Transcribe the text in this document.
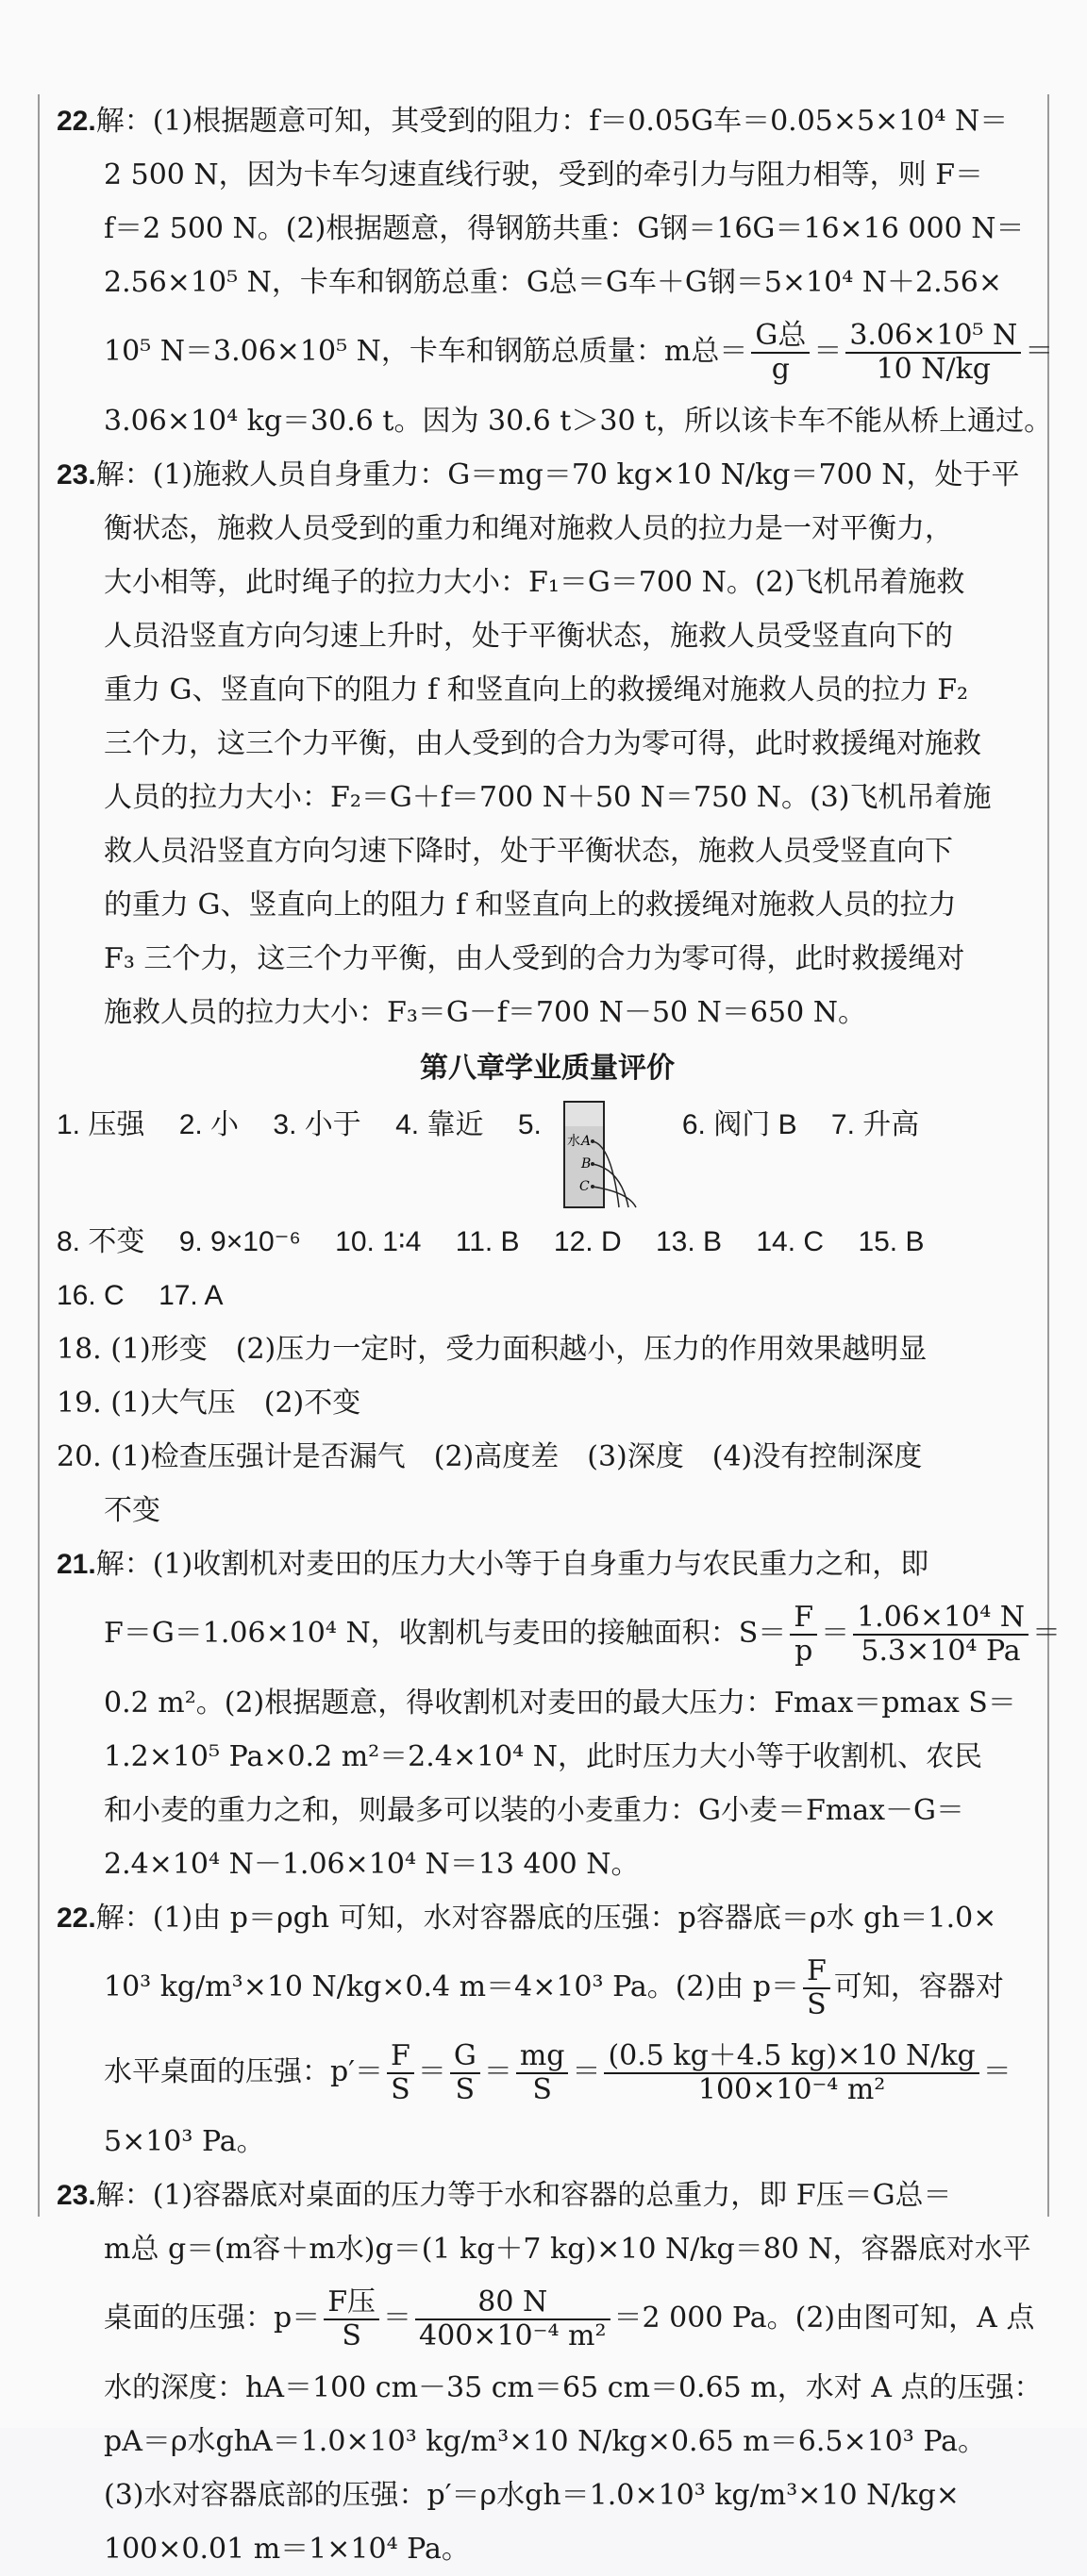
22.解：(1)根据题意可知，其受到的阻力：f＝0.05G车＝0.05×5×10⁴ N＝
2 500 N，因为卡车匀速直线行驶，受到的牵引力与阻力相等，则 F＝
f＝2 500 N。(2)根据题意，得钢筋共重：G钢＝16G＝16×16 000 N＝
2.56×10⁵ N，卡车和钢筋总重：G总＝G车＋G钢＝5×10⁴ N＋2.56×
10⁵ N＝3.06×10⁵ N，卡车和钢筋总质量：m总＝ $\frac{\text{G总}}{g} = \frac{\text{3.06×10⁵ N}}{10 N/kg}$ ＝
3.06×10⁴ kg＝30.6 t。因为 30.6 t＞30 t，所以该卡车不能从桥上通过。
23.解：(1)施救人员自身重力：G＝mg＝70 kg×10 N/kg＝700 N，处于平
衡状态，施救人员受到的重力和绳对施救人员的拉力是一对平衡力，
大小相等，此时绳子的拉力大小：F₁＝G＝700 N。(2)飞机吊着施救
人员沿竖直方向匀速上升时，处于平衡状态，施救人员受竖直向下的
重力 G、竖直向下的阻力 f 和竖直向上的救援绳对施救人员的拉力 F₂
三个力，这三个力平衡，由人受到的合力为零可得，此时救援绳对施救
人员的拉力大小：F₂＝G＋f＝700 N＋50 N＝750 N。(3)飞机吊着施
救人员沿竖直方向匀速下降时，处于平衡状态，施救人员受竖直向下
的重力 G、竖直向上的阻力 f 和竖直向上的救援绳对施救人员的拉力
F₃ 三个力，这三个力平衡，由人受到的合力为零可得，此时救援绳对
施救人员的拉力大小：F₃＝G－f＝700 N－50 N＝650 N。
第八章学业质量评价
1. 压强 2. 小 3. 小于 4. 靠近 5.
水 A
B
C
6. 阀门 B 7. 升高
8. 不变 9. 9×10⁻⁶ 10. 1∶4 11. B 12. D 13. B 14. C 15. B
16. C 17. A
18. (1)形变　(2)压力一定时，受力面积越小，压力的作用效果越明显
19. (1)大气压　(2)不变
20. (1)检查压强计是否漏气　(2)高度差　(3)深度　(4)没有控制深度
不变
21.解：(1)收割机对麦田的压力大小等于自身重力与农民重力之和，即
F＝G＝1.06×10⁴ N，收割机与麦田的接触面积：$S= \frac{F}{p} = \frac{\text{1.06×10⁴ N}}{\text{5.3×10⁴ Pa}}$ ＝
0.2 m²。(2)根据题意，得收割机对麦田的最大压力：Fmax＝pmax S＝
1.2×10⁵ Pa×0.2 m²＝2.4×10⁴ N，此时压力大小等于收割机、农民
和小麦的重力之和，则最多可以装的小麦重力：G小麦＝Fmax－G＝
2.4×10⁴ N－1.06×10⁴ N＝13 400 N。
22.解：(1)由 p＝ρgh 可知，水对容器底的压强：p容器底＝ρ水 gh＝1.0×
10³ kg/m³×10 N/kg×0.4 m＝4×10³ Pa。(2)由 $p= \frac{F}{S}$ 可知，容器对
水平桌面的压强：$p'= \frac{F}{S} = \frac{G}{S} = \frac{mg}{S} = \frac{(0.5 kg+4.5 kg)\times 10 N/kg}{\text{100×10⁻⁴ m²}}$ ＝
5×10³ Pa。
23.解：(1)容器底对桌面的压力等于水和容器的总重力，即 F压＝G总＝
m总 g＝(m容＋m水)g＝(1 kg＋7 kg)×10 N/kg＝80 N，容器底对水平
桌面的压强：$p= \frac{\text{F压}}{S} = \frac{80 N}{\text{400×10⁻⁴ m²}} =2$ 000 Pa。(2)由图可知，A 点
水的深度：hA＝100 cm－35 cm＝65 cm＝0.65 m，水对 A 点的压强：
pA＝ρ水ghA＝1.0×10³ kg/m³×10 N/kg×0.65 m＝6.5×10³ Pa。
(3)水对容器底部的压强：p′＝ρ水gh＝1.0×10³ kg/m³×10 N/kg×
100×0.01 m＝1×10⁴ Pa。
